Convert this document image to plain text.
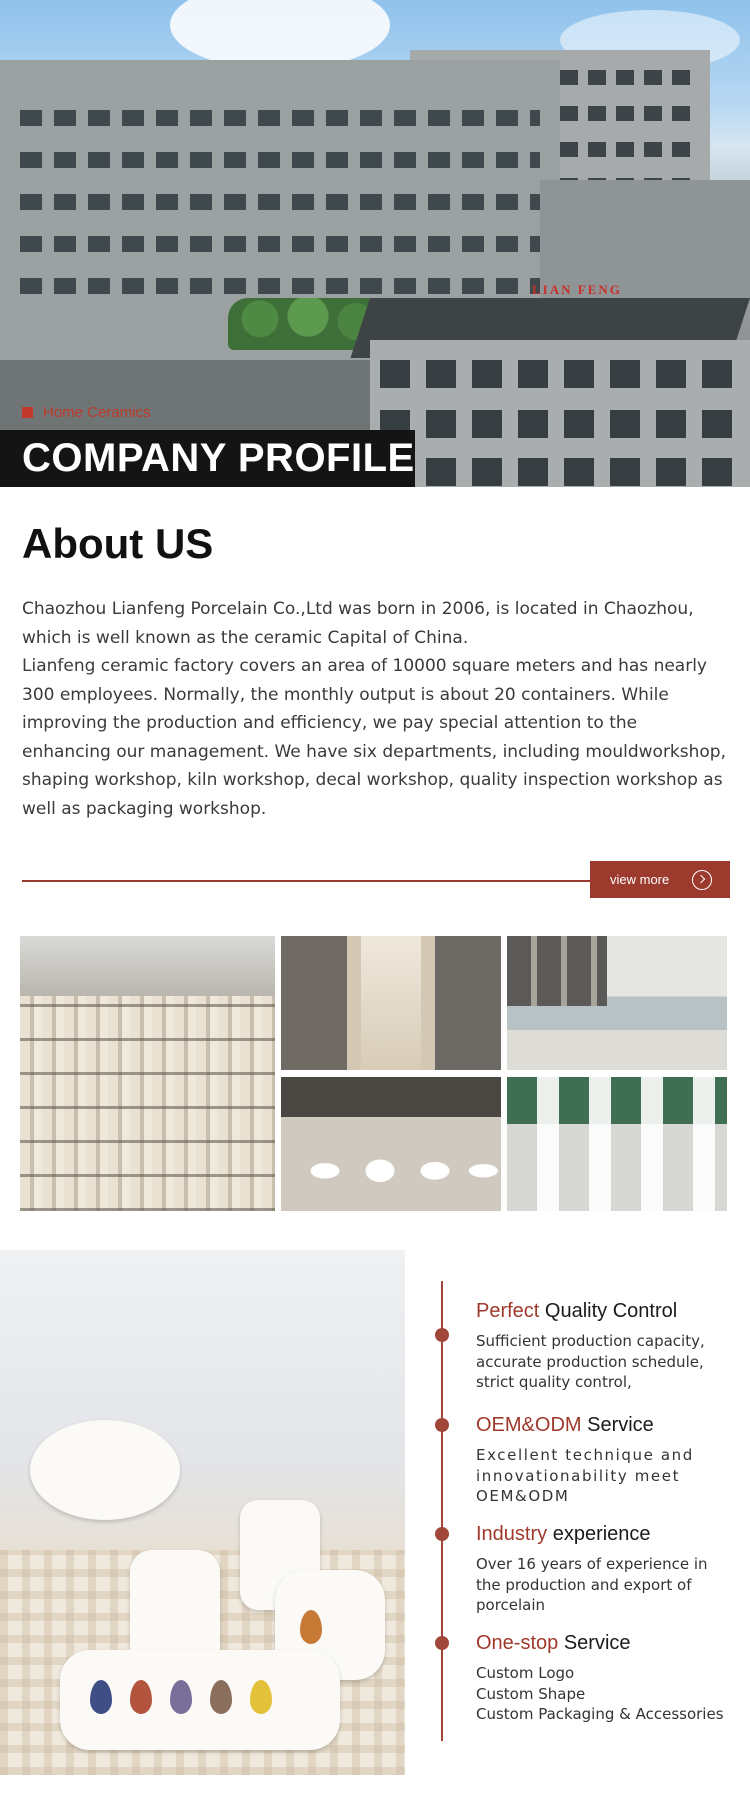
LIAN FENG
Home Ceramics
COMPANY PROFILE
About US

Chaozhou Lianfeng Porcelain Co.,Ltd was born in 2006, is located in Chaozhou, which is well known as the ceramic Capital of China.

Lianfeng ceramic factory covers an area of 10000 square meters and has nearly 300 employees. Normally, the monthly output is about 20 containers. While improving the production and efficiency, we pay special attention to the enhancing our management. We have six departments, including mouldworkshop, shaping workshop, kiln workshop, decal workshop, quality inspection workshop as well as packaging workshop.

view more
Perfect Quality Control

Sufficient production capacity,
accurate production schedule,
strict quality control,

OEM&ODM Service

Excellent technique and
innovationability meet
OEM&ODM

Industry experience

Over 16 years of experience in
the production and export of
porcelain

One-stop Service

Custom Logo
Custom Shape
Custom Packaging & Accessories
